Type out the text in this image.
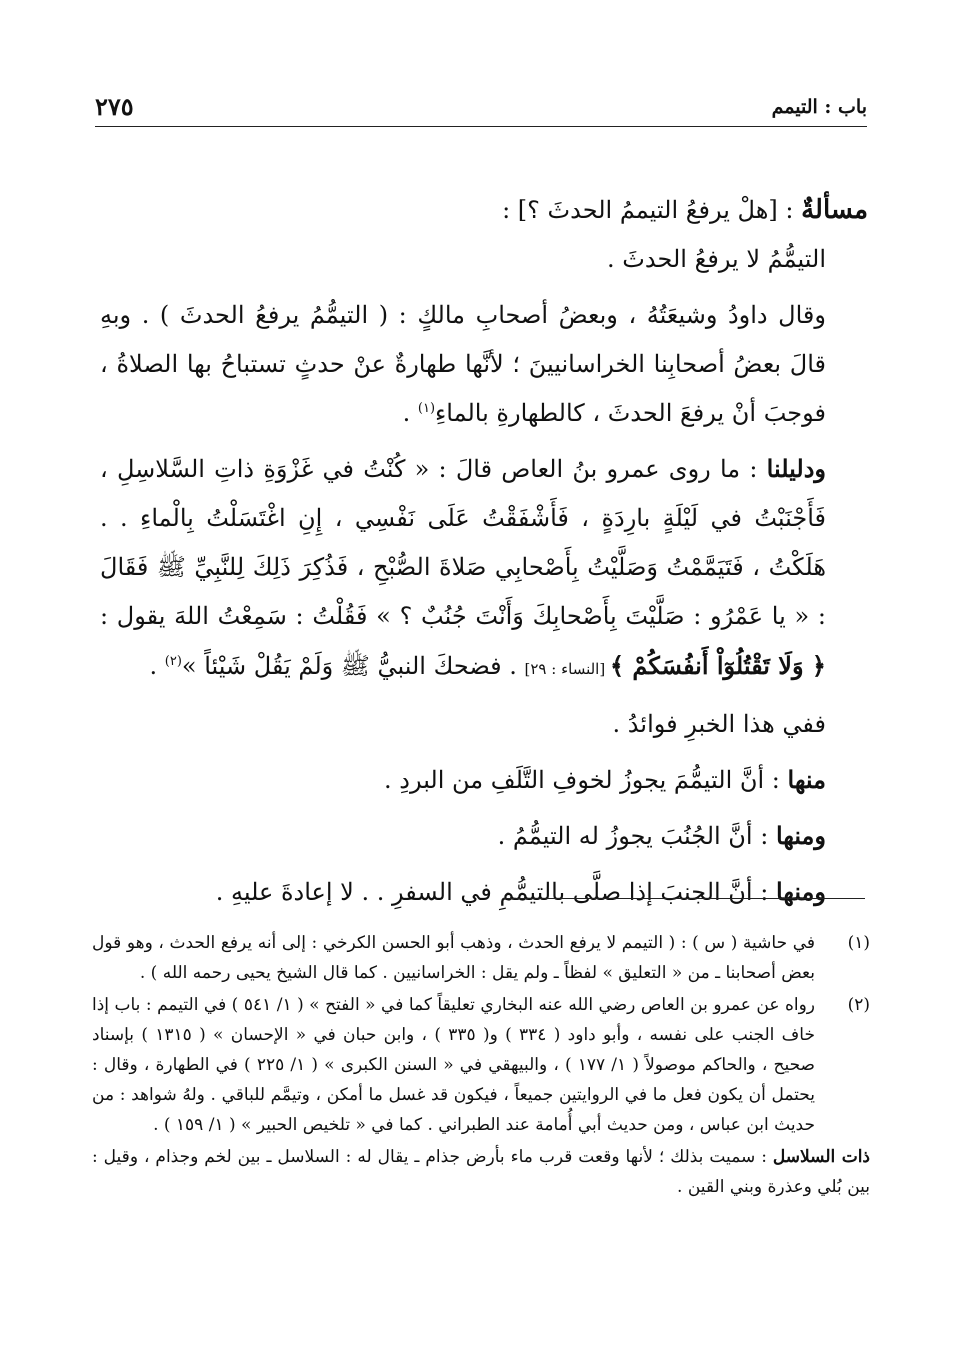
باب : التيمم
٢٧٥

مسألةٌ : [هلْ يرفعُ التيممُ الحدثَ ؟] :

التيمُّمُ لا يرفعُ الحدثَ .

وقال داودُ وشيعَتُهُ ، وبعضُ أصحابِ مالكٍ : ( التيمُّمُ يرفعُ الحدثَ ) . وبهِ قالَ بعضُ أصحابِنا الخراسانيينَ ؛ لأنَّها طهارةٌ عنْ حدثٍ تستباحُ بها الصلاةُ ، فوجبَ أنْ يرفعَ الحدثَ ، كالطهارةِ بالماءِ$^{(١)}$ .

ودليلنا : ما روى عمرو بنُ العاص قالَ : « كُنْتُ في غَزْوَةِ ذاتِ السَّلاسِلِ ، فَأَجْنَبْتُ في لَيْلَةٍ بارِدَةٍ ، فَأَشْفَقْتُ عَلَى نَفْسِي ، إِنِ اغْتَسَلْتُ بِالْماءِ . . هَلَكْتُ ، فَتَيَمَّمْتُ وَصَلَّيْتُ بِأَصْحابِي صَلاةَ الصُّبْحِ ، فَذُكِرَ ذَلِكَ لِلنَّبِيِّ ﷺ فَقَالَ : « يا عَمْرُو : صَلَّيْتَ بِأَصْحابِكَ وَأَنْتَ جُنُبٌ ؟ » فَقُلْتُ : سَمِعْتُ اللهَ يقول : ﴿ وَلَا تَقْتُلُوٓاْ أَنفُسَكُمْ ﴾ [النساء : ٢٩] . فضحكَ النبيُّ ﷺ وَلَمْ يَقُلْ شَيْئاً »$^{(٢)}$ .

ففي هذا الخبرِ فوائدُ .

منها : أنَّ التيمُّمَ يجوزُ لخوفِ التَّلَفِ من البردِ .

ومنها : أنَّ الجُنُبَ يجوزُ له التيمُّمُ .

ومنها : أنَّ الجنبَ إذا صلَّى بالتيمُّمِ في السفرِ . . لا إعادةَ عليهِ .

(١)
في حاشية ( س ) : ( التيمم لا يرفع الحدث ، وذهب أبو الحسن الكرخي : إلى أنه يرفع الحدث ، وهو قول بعض أصحابنا ـ من « التعليق » لفظاً ـ ولم يقل : الخراسانيين . كما قال الشيخ يحيى رحمه الله ) .

(٢)
رواه عن عمرو بن العاص رضي الله عنه البخاري تعليقاً كما في « الفتح » ( ١/ ٥٤١ ) في التيمم : باب إذا خاف الجنب على نفسه ، وأبو داود ( ٣٣٤ ) و( ٣٣٥ ) ، وابن حبان في « الإحسان » ( ١٣١٥ ) بإسناد صحيح ، والحاكم موصولاً ( ١/ ١٧٧ ) ، والبيهقي في « السنن الكبرى » ( ١/ ٢٢٥ ) في الطهارة ، وقال : يحتمل أن يكون فعل ما في الروايتين جميعاً ، فيكون قد غسل ما أمكن ، وتيمَّم للباقي . ولهُ شواهد : من حديث ابن عباس ، ومن حديث أبي أُمامة عند الطبراني . كما في « تلخيص الحبير » ( ١/ ١٥٩ ) .

ذات السلاسل : سميت بذلك ؛ لأنها وقعت قرب ماء بأرض جذام ـ يقال له : السلاسل ـ بين لخم وجذام ، وقيل : بين بُلي وعذرة وبني القين .
